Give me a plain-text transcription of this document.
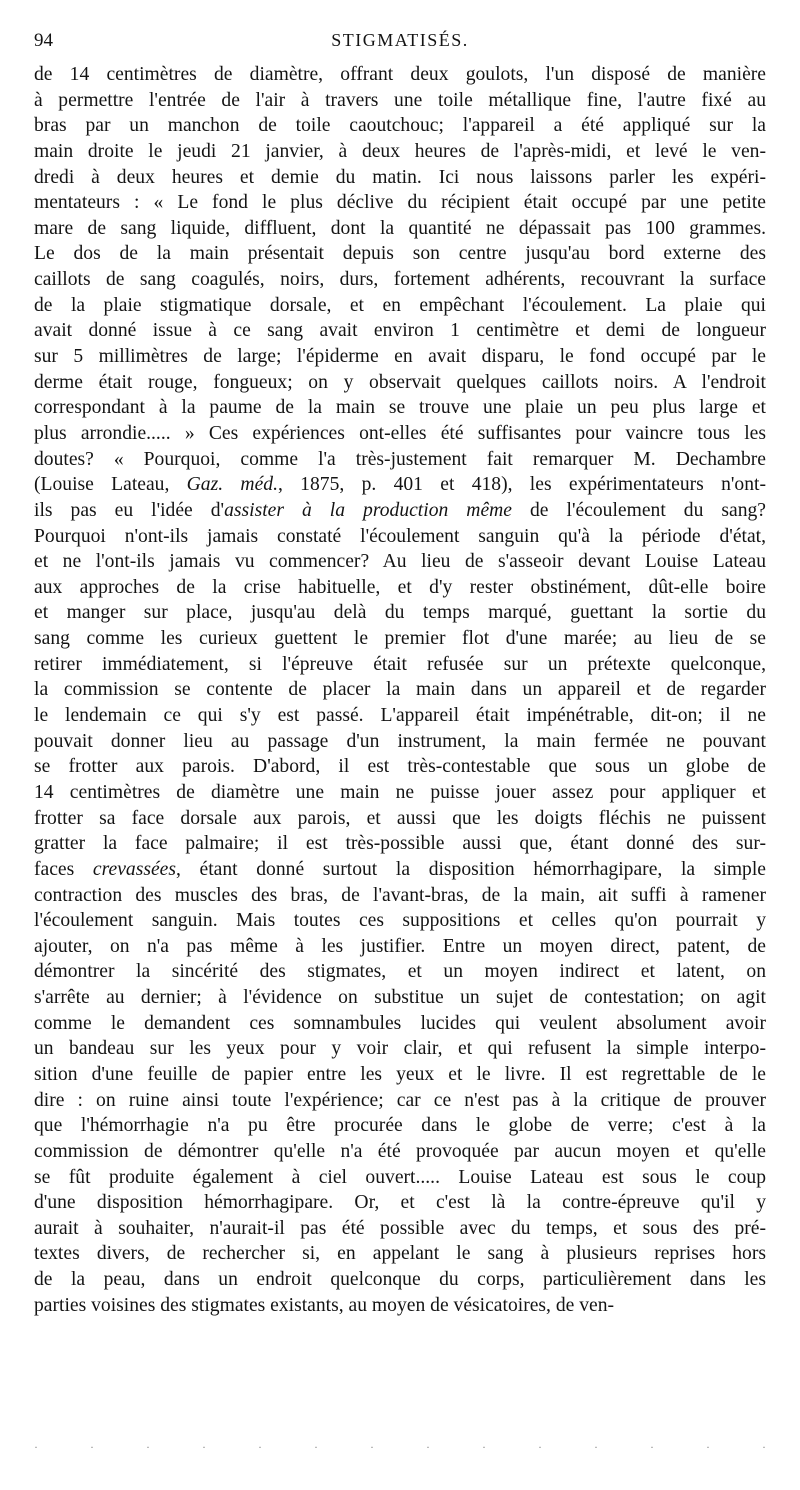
94	STIGMATISÉS.
de 14 centimètres de diamètre, offrant deux goulots, l'un disposé de manière
à permettre l'entrée de l'air à travers une toile métallique fine, l'autre fixé au
bras par un manchon de toile caoutchouc; l'appareil a été appliqué sur la
main droite le jeudi 21 janvier, à deux heures de l'après-midi, et levé le ven-
dredi à deux heures et demie du matin. Ici nous laissons parler les expéri-
mentateurs : « Le fond le plus déclive du récipient était occupé par une petite
mare de sang liquide, diffluent, dont la quantité ne dépassait pas 100 grammes.
Le dos de la main présentait depuis son centre jusqu'au bord externe des
caillots de sang coagulés, noirs, durs, fortement adhérents, recouvrant la surface
de la plaie stigmatique dorsale, et en empêchant l'écoulement. La plaie qui
avait donné issue à ce sang avait environ 1 centimètre et demi de longueur
sur 5 millimètres de large; l'épiderme en avait disparu, le fond occupé par le
derme était rouge, fongueux; on y observait quelques caillots noirs. A l'endroit
correspondant à la paume de la main se trouve une plaie un peu plus large et
plus arrondie..... » Ces expériences ont-elles été suffisantes pour vaincre tous les
doutes? « Pourquoi, comme l'a très-justement fait remarquer M. Dechambre
(Louise Lateau, Gaz. méd., 1875, p. 401 et 418), les expérimentateurs n'ont-
ils pas eu l'idée d'assister à la production même de l'écoulement du sang?
Pourquoi n'ont-ils jamais constaté l'écoulement sanguin qu'à la période d'état,
et ne l'ont-ils jamais vu commencer? Au lieu de s'asseoir devant Louise Lateau
aux approches de la crise habituelle, et d'y rester obstinément, dût-elle boire
et manger sur place, jusqu'au delà du temps marqué, guettant la sortie du
sang comme les curieux guettent le premier flot d'une marée; au lieu de se
retirer immédiatement, si l'épreuve était refusée sur un prétexte quelconque,
la commission se contente de placer la main dans un appareil et de regarder
le lendemain ce qui s'y est passé. L'appareil était impénétrable, dit-on; il ne
pouvait donner lieu au passage d'un instrument, la main fermée ne pouvant
se frotter aux parois. D'abord, il est très-contestable que sous un globe de
14 centimètres de diamètre une main ne puisse jouer assez pour appliquer et
frotter sa face dorsale aux parois, et aussi que les doigts fléchis ne puissent
gratter la face palmaire; il est très-possible aussi que, étant donné des sur-
faces crevassées, étant donné surtout la disposition hémorrhagipare, la simple
contraction des muscles des bras, de l'avant-bras, de la main, ait suffi à ramener
l'écoulement sanguin. Mais toutes ces suppositions et celles qu'on pourrait y
ajouter, on n'a pas même à les justifier. Entre un moyen direct, patent, de
démontrer la sincérité des stigmates, et un moyen indirect et latent, on
s'arrête au dernier; à l'évidence on substitue un sujet de contestation; on agit
comme le demandent ces somnambules lucides qui veulent absolument avoir
un bandeau sur les yeux pour y voir clair, et qui refusent la simple interpo-
sition d'une feuille de papier entre les yeux et le livre. Il est regrettable de le
dire : on ruine ainsi toute l'expérience; car ce n'est pas à la critique de prouver
que l'hémorrhagie n'a pu être procurée dans le globe de verre; c'est à la
commission de démontrer qu'elle n'a été provoquée par aucun moyen et qu'elle
se fût produite également à ciel ouvert..... Louise Lateau est sous le coup
d'une disposition hémorrhagipare. Or, et c'est là la contre-épreuve qu'il y
aurait à souhaiter, n'aurait-il pas été possible avec du temps, et sous des pré-
textes divers, de rechercher si, en appelant le sang à plusieurs reprises hors
de la peau, dans un endroit quelconque du corps, particulièrement dans les
parties voisines des stigmates existants, au moyen de vésicatoires, de ven-
·	·	·	·	·	·	·	·	·	·	·	·	·	·
